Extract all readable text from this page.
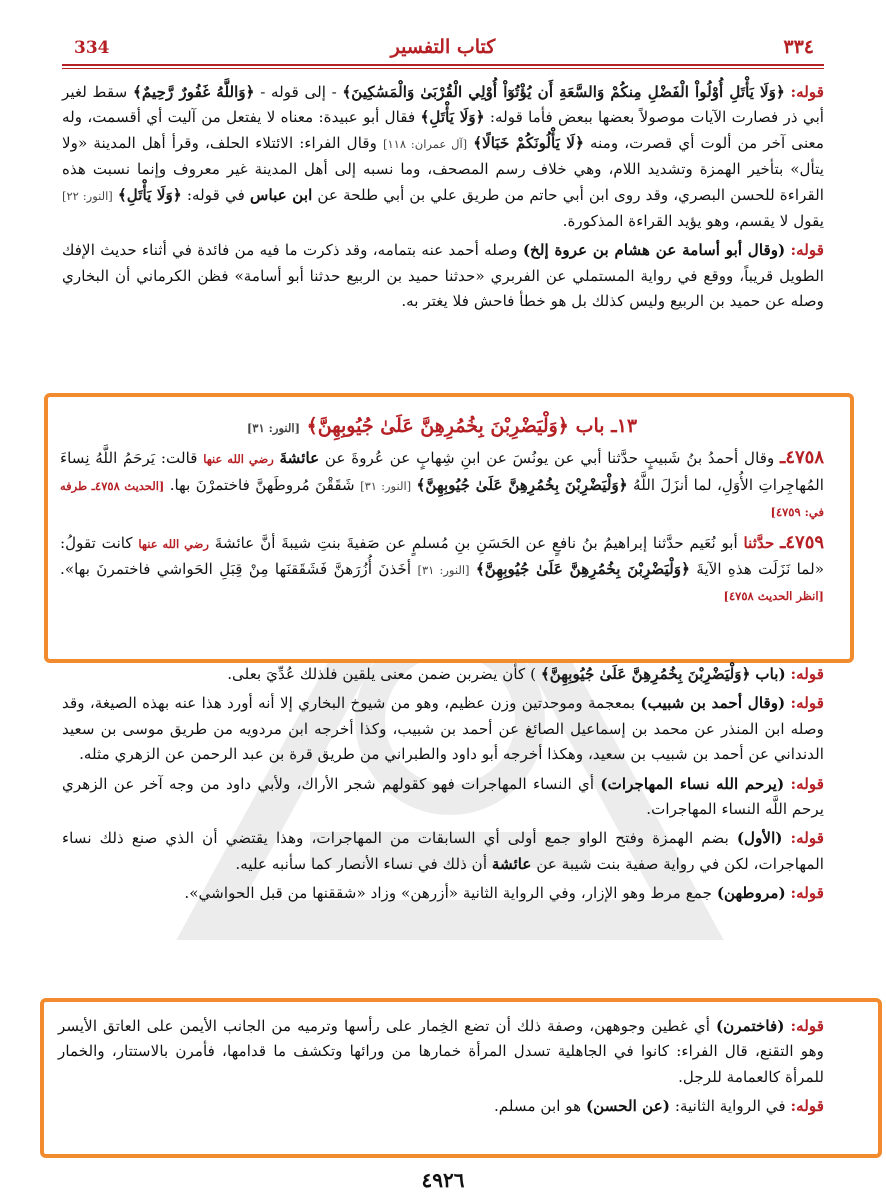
334	كتاب التفسير	٣٣٤

قوله: ﴿وَلَا يَأْتَلِ أُوْلُواْ الْفَضْلِ مِنكُمْ وَالسَّعَةِ أَن يُؤْتُوٓاْ أُوْلِي الْقُرْبَىٰ وَالْمَسَٰكِينَ﴾ - إلى قوله - ﴿وَاللَّهُ غَفُورٌ رَّحِيمٌ﴾ سقط لغير أبي ذر فصارت الآيات موصولاً بعضها ببعض فأما قوله: ﴿وَلَا يَأْتَلِ﴾ فقال أبو عبيدة: معناه لا يفتعل من آليت أي أقسمت، وله معنى آخر من ألوت أي قصرت، ومنه ﴿لَا يَأْلُونَكُمْ خَبَالًا﴾ [آل عمران: ١١٨] وقال الفراء: الائتلاء الحلف، وقرأ أهل المدينة «ولا يتأل» بتأخير الهمزة وتشديد اللام، وهي خلاف رسم المصحف، وما نسبه إلى أهل المدينة غير معروف وإنما نسبت هذه القراءة للحسن البصري، وقد روى ابن أبي حاتم من طريق علي بن أبي طلحة عن ابن عباس في قوله: ﴿وَلَا يَأْتَلِ﴾ [النور: ٢٢] يقول لا يقسم، وهو يؤيد القراءة المذكورة.

قوله: (وقال أبو أسامة عن هشام بن عروة إلخ) وصله أحمد عنه بتمامه، وقد ذكرت ما فيه من فائدة في أثناء حديث الإفك الطويل قريباً، ووقع في رواية المستملي عن الفربري «حدثنا حميد بن الربيع حدثنا أبو أسامة» فظن الكرماني أن البخاري وصله عن حميد بن الربيع وليس كذلك بل هو خطأ فاحش فلا يغتر به.

١٣ـ باب ﴿وَلْيَضْرِبْنَ بِخُمُرِهِنَّ عَلَىٰ جُيُوبِهِنَّ﴾ [النور: ٣١]

٤٧٥٨ـ وقال أحمدُ بنُ شَبيبٍ حدَّثنا أبي عن يونُسَ عن ابنِ شِهابٍ عن عُروةَ عن عائشةَ رضي الله عنها قالت: يَرحَمُ اللَّهُ نِساءَ المُهاجِراتِ الأُوَلِ، لما أنزَلَ اللَّهُ ﴿وَلْيَضْرِبْنَ بِخُمُرِهِنَّ عَلَىٰ جُيُوبِهِنَّ﴾ [النور: ٣١] شَقَقْنَ مُروطَهنَّ فاختمرْنَ بها. [الحديث ٤٧٥٨ـ طرفه في: ٤٧٥٩]

٤٧٥٩ـ حدَّثنا أبو نُعَيم حدَّثنا إبراهيمُ بنُ نافعٍ عن الحَسَنِ بنِ مُسلمٍ عن صَفيةَ بنتِ شيبةَ أنَّ عائشةَ رضي الله عنها كانت تقولُ: «لما نَزَلَت هذهِ الآيةَ ﴿وَلْيَضْرِبْنَ بِخُمُرِهِنَّ عَلَىٰ جُيُوبِهِنَّ﴾ [النور: ٣١] أخَذنَ أُزُرَهنَّ فَشَقَقنَها مِنْ قِبَلِ الحَواشي فاختمرنَ بها». [انظر الحديث ٤٧٥٨]

قوله: (باب ﴿وَلْيَضْرِبْنَ بِخُمُرِهِنَّ عَلَىٰ جُيُوبِهِنَّ﴾ ) كأن يضربن ضمن معنى يلقين فلذلك عُدِّيَ بعلى.

قوله: (وقال أحمد بن شبيب) بمعجمة وموحدتين وزن عظيم، وهو من شيوخ البخاري إلا أنه أورد هذا عنه بهذه الصيغة، وقد وصله ابن المنذر عن محمد بن إسماعيل الصائغ عن أحمد بن شبيب، وكذا أخرجه ابن مردويه من طريق موسى بن سعيد الدنداني عن أحمد بن شبيب بن سعيد، وهكذا أخرجه أبو داود والطبراني من طريق قرة بن عبد الرحمن عن الزهري مثله.

قوله: (يرحم الله نساء المهاجرات) أي النساء المهاجرات فهو كقولهم شجر الأراك، ولأبي داود من وجه آخر عن الزهري يرحم اللَّه النساء المهاجرات.

قوله: (الأول) بضم الهمزة وفتح الواو جمع أولى أي السابقات من المهاجرات، وهذا يقتضي أن الذي صنع ذلك نساء المهاجرات، لكن في رواية صفية بنت شيبة عن عائشة أن ذلك في نساء الأنصار كما سأنبه عليه.

قوله: (مروطهن) جمع مرط وهو الإزار، وفي الرواية الثانية «أزرهن» وزاد «شققنها من قبل الحواشي».

قوله: (فاختمرن) أي غطين وجوههن، وصفة ذلك أن تضع الخِمار على رأسها وترميه من الجانب الأيمن على العاتق الأيسر وهو التقنع، قال الفراء: كانوا في الجاهلية تسدل المرأة خمارها من ورائها وتكشف ما قدامها، فأمرن بالاستتار، والخمار للمرأة كالعمامة للرجل.

قوله: في الرواية الثانية: (عن الحسن) هو ابن مسلم.

٤٩٢٦
